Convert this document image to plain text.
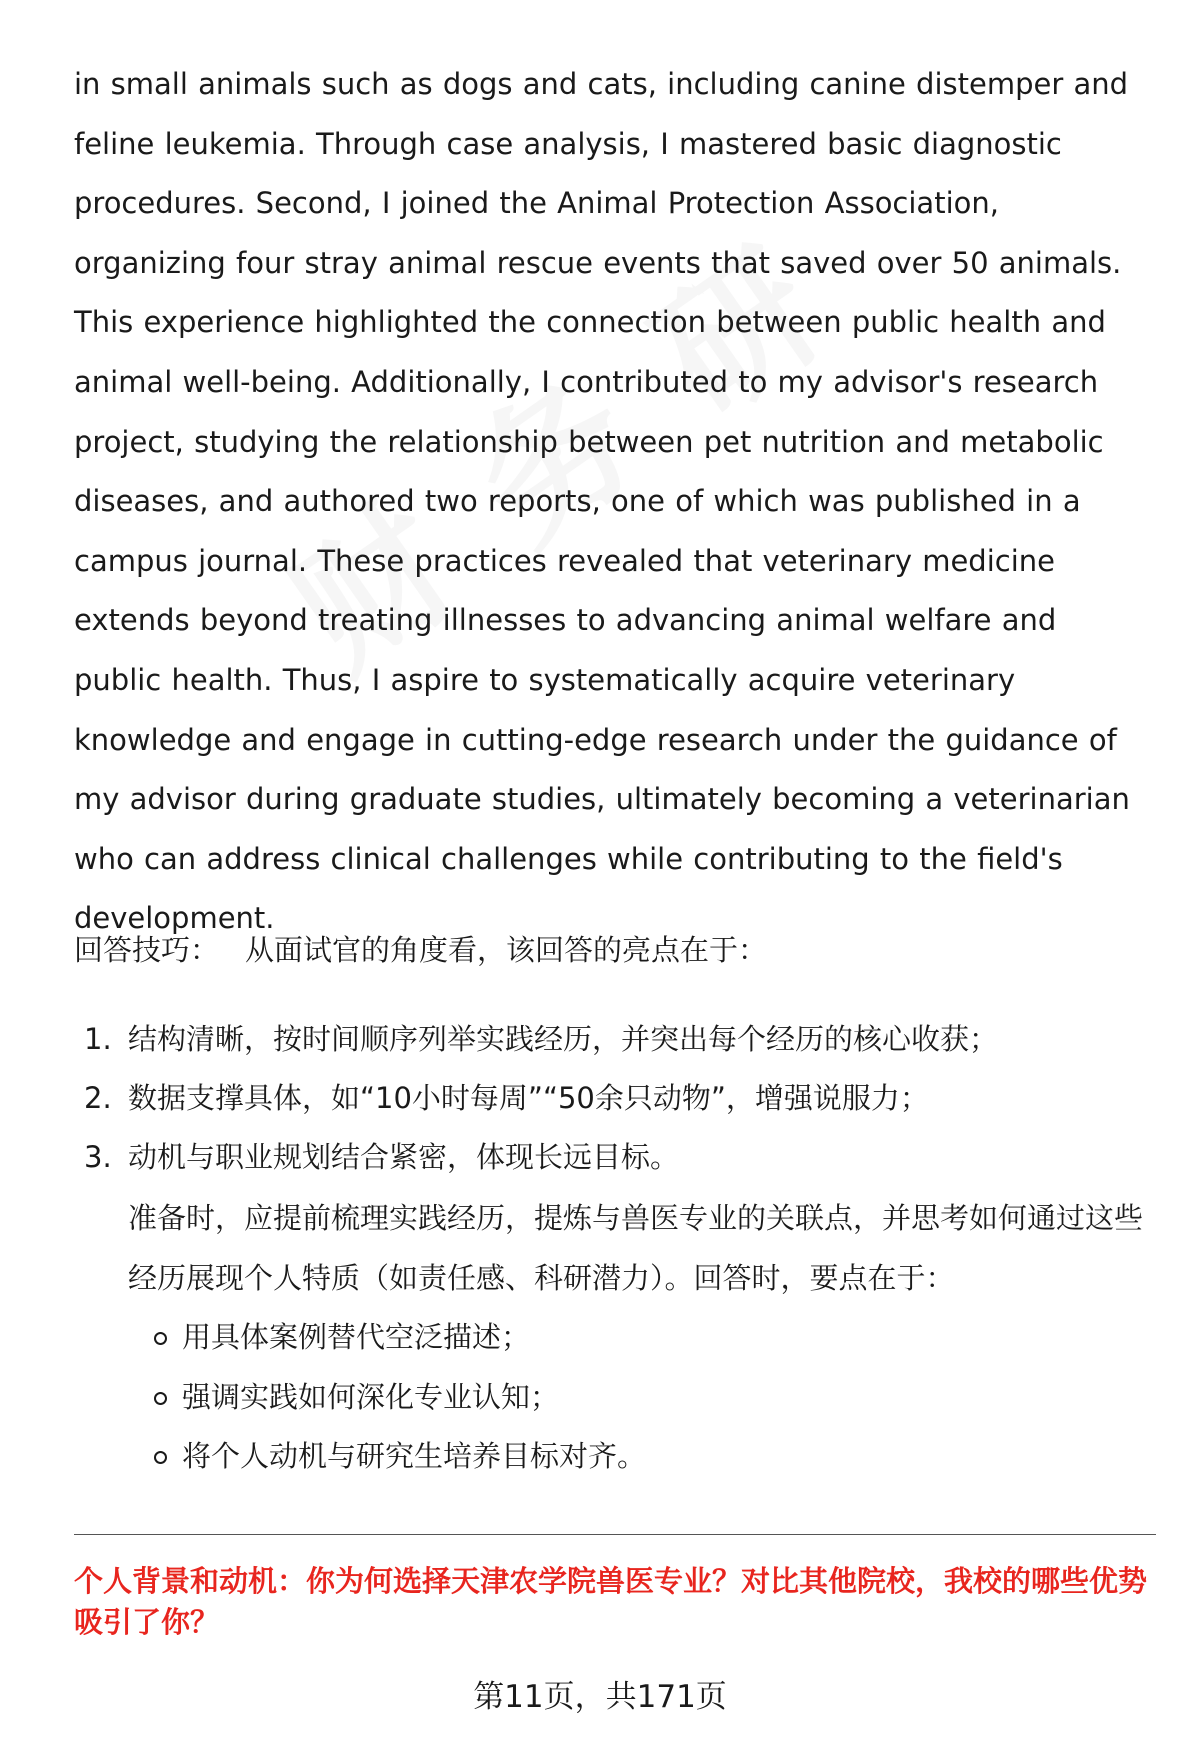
in small animals such as dogs and cats, including canine distemper and feline leukemia. Through case analysis, I mastered basic diagnostic procedures. Second, I joined the Animal Protection Association, organizing four stray animal rescue events that saved over 50 animals. This experience highlighted the connection between public health and animal well-being. Additionally, I contributed to my advisor's research project, studying the relationship between pet nutrition and metabolic diseases, and authored two reports, one of which was published in a campus journal. These practices revealed that veterinary medicine extends beyond treating illnesses to advancing animal welfare and public health. Thus, I aspire to systematically acquire veterinary knowledge and engage in cutting-edge research under the guidance of my advisor during graduate studies, ultimately becoming a veterinarian who can address clinical challenges while contributing to the field's development.

回答技巧： 从面试官的角度看，该回答的亮点在于：

1. 结构清晰，按时间顺序列举实践经历，并突出每个经历的核心收获；
2. 数据支撑具体，如“10小时每周”“50余只动物”，增强说服力；
3. 动机与职业规划结合紧密，体现长远目标。

准备时，应提前梳理实践经历，提炼与兽医专业的关联点，并思考如何通过这些经历展现个人特质（如责任感、科研潜力）。回答时，要点在于：

用具体案例替代空泛描述；
强调实践如何深化专业认知；
将个人动机与研究生培养目标对齐。

个人背景和动机：你为何选择天津农学院兽医专业？对比其他院校，我校的哪些优势吸引了你？

第11页，共171页
